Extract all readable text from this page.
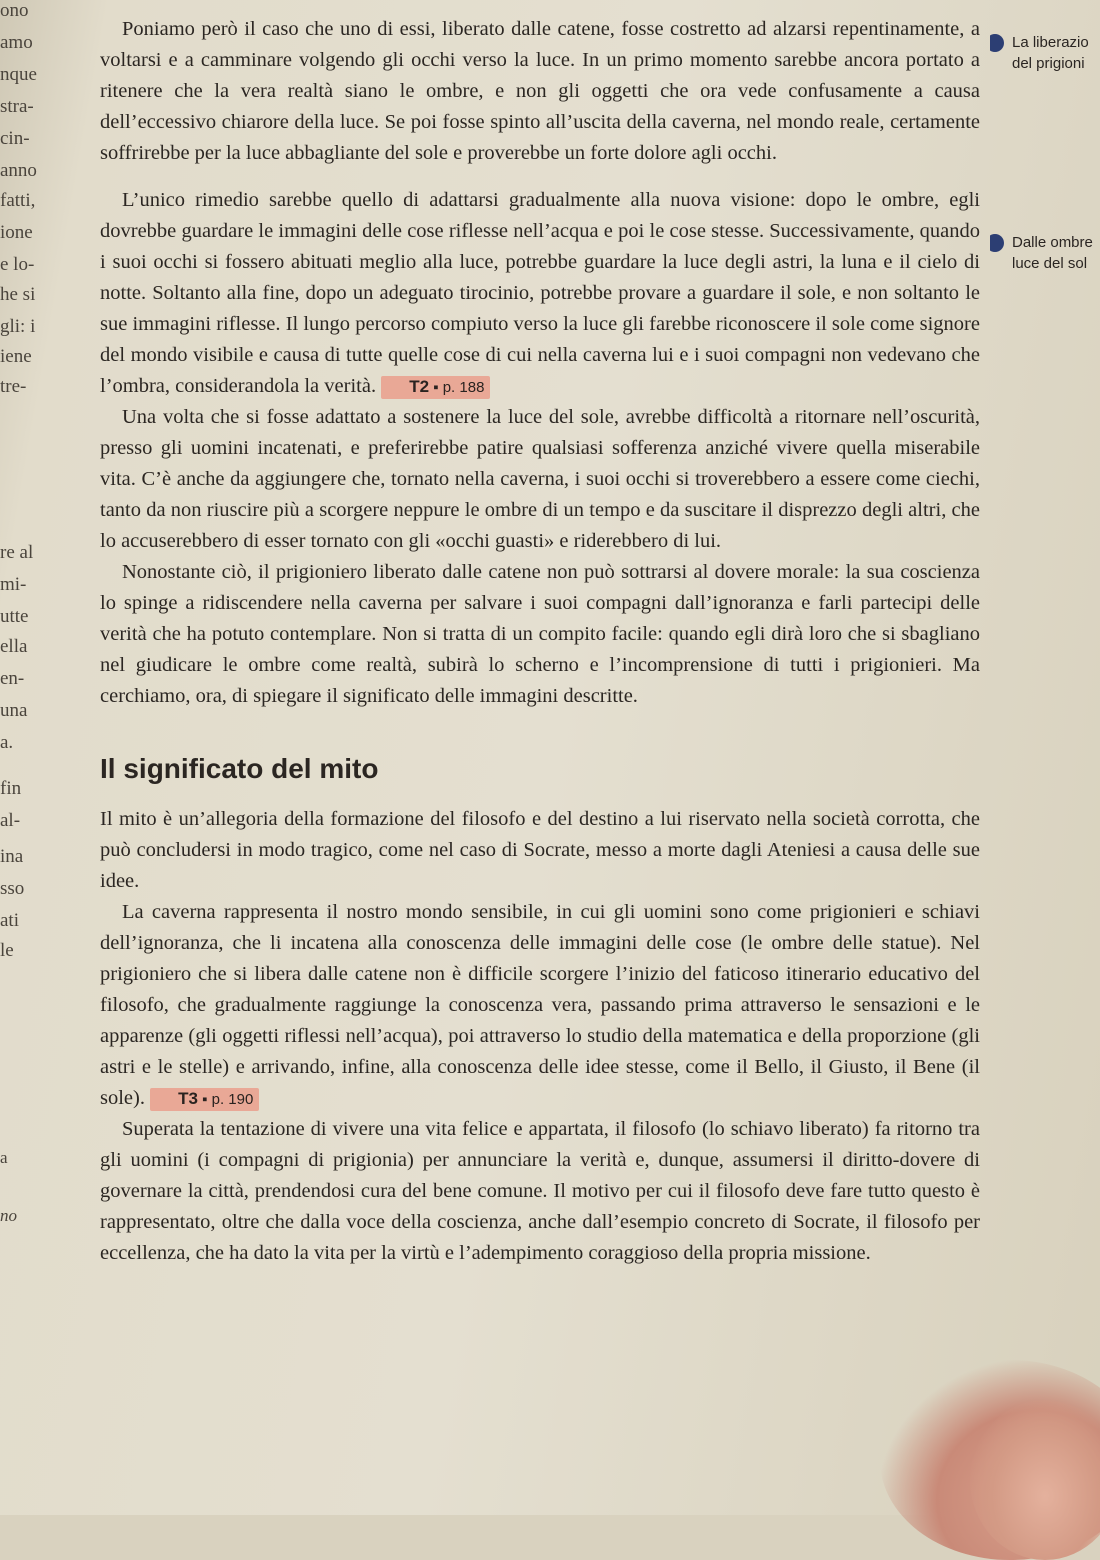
ono
amo
nque
stra-
cin-
anno
fatti,
ione
e lo-
he si
gli: i
iene
tre-
re al
mi-
utte
ella
en-
una
a.
fin
al-
ina
sso
ati
le
a
no
La liberazio
del prigioni
Dalle ombre
luce del sol

Poniamo però il caso che uno di essi, liberato dalle catene, fosse costretto ad alzarsi repentinamente, a voltarsi e a camminare volgendo gli occhi verso la luce. In un primo momento sarebbe ancora portato a ritenere che la vera realtà siano le ombre, e non gli oggetti che ora vede confusamente a causa dell’eccessivo chiarore della luce. Se poi fosse spinto all’uscita della caverna, nel mondo reale, certamente soffrirebbe per la luce abbagliante del sole e proverebbe un forte dolore agli occhi.

L’unico rimedio sarebbe quello di adattarsi gradualmente alla nuova visione: dopo le ombre, egli dovrebbe guardare le immagini delle cose riflesse nell’acqua e poi le cose stesse. Successivamente, quando i suoi occhi si fossero abituati meglio alla luce, potrebbe guardare la luce degli astri, la luna e il cielo di notte. Soltanto alla fine, dopo un adeguato tirocinio, potrebbe provare a guardare il sole, e non soltanto le sue immagini riflesse. Il lungo percorso compiuto verso la luce gli farebbe riconoscere il sole come signore del mondo visibile e causa di tutte quelle cose di cui nella caverna lui e i suoi compagni non vedevano che l’ombra, considerandola la verità. T2 ▪ p. 188

Una volta che si fosse adattato a sostenere la luce del sole, avrebbe difficoltà a ritornare nell’oscurità, presso gli uomini incatenati, e preferirebbe patire qualsiasi sofferenza anziché vivere quella miserabile vita. C’è anche da aggiungere che, tornato nella caverna, i suoi occhi si troverebbero a essere come ciechi, tanto da non riuscire più a scorgere neppure le ombre di un tempo e da suscitare il disprezzo degli altri, che lo accuserebbero di esser tornato con gli «occhi guasti» e riderebbero di lui.

Nonostante ciò, il prigioniero liberato dalle catene non può sottrarsi al dovere morale: la sua coscienza lo spinge a ridiscendere nella caverna per salvare i suoi compagni dall’ignoranza e farli partecipi delle verità che ha potuto contemplare. Non si tratta di un compito facile: quando egli dirà loro che si sbagliano nel giudicare le ombre come realtà, subirà lo scherno e l’incomprensione di tutti i prigionieri. Ma cerchiamo, ora, di spiegare il significato delle immagini descritte.

Il significato del mito

Il mito è un’allegoria della formazione del filosofo e del destino a lui riservato nella società corrotta, che può concludersi in modo tragico, come nel caso di Socrate, messo a morte dagli Ateniesi a causa delle sue idee.

La caverna rappresenta il nostro mondo sensibile, in cui gli uomini sono come prigionieri e schiavi dell’ignoranza, che li incatena alla conoscenza delle immagini delle cose (le ombre delle statue). Nel prigioniero che si libera dalle catene non è difficile scorgere l’inizio del faticoso itinerario educativo del filosofo, che gradualmente raggiunge la conoscenza vera, passando prima attraverso le sensazioni e le apparenze (gli oggetti riflessi nell’acqua), poi attraverso lo studio della matematica e della proporzione (gli astri e le stelle) e arrivando, infine, alla conoscenza delle idee stesse, come il Bello, il Giusto, il Bene (il sole). T3 ▪ p. 190

Superata la tentazione di vivere una vita felice e appartata, il filosofo (lo schiavo liberato) fa ritorno tra gli uomini (i compagni di prigionia) per annunciare la verità e, dunque, assumersi il diritto-dovere di governare la città, prendendosi cura del bene comune. Il motivo per cui il filosofo deve fare tutto questo è rappresentato, oltre che dalla voce della coscienza, anche dall’esempio concreto di Socrate, il filosofo per eccellenza, che ha dato la vita per la virtù e l’adempimento coraggioso della propria missione.
